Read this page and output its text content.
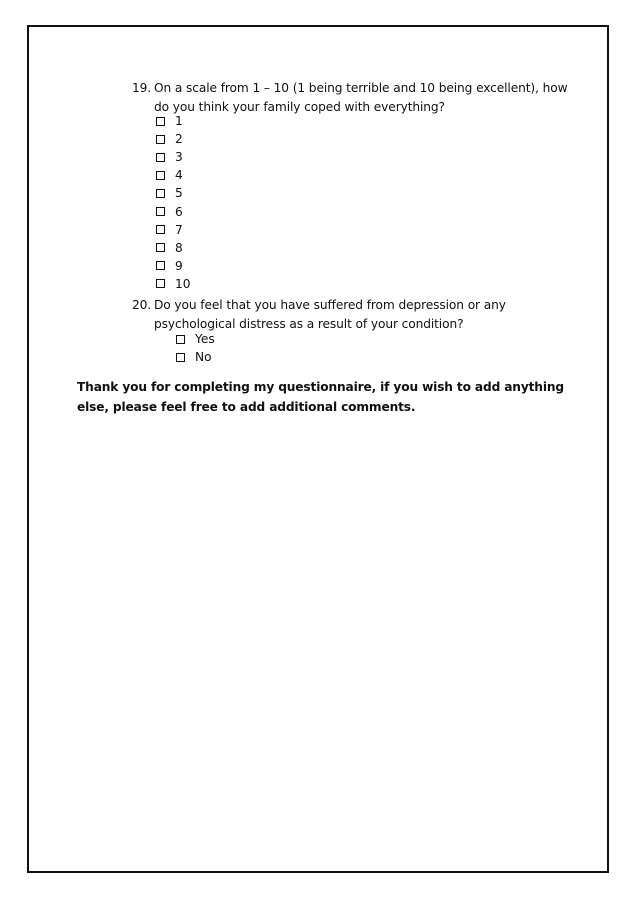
19. On a scale from 1 – 10 (1 being terrible and 10 being excellent), how do you think your family coped with everything?
1
2
3
4
5
6
7
8
9
10
20. Do you feel that you have suffered from depression or any psychological distress as a result of your condition?
Yes
No
Thank you for completing my questionnaire, if you wish to add anything else, please feel free to add additional comments.
